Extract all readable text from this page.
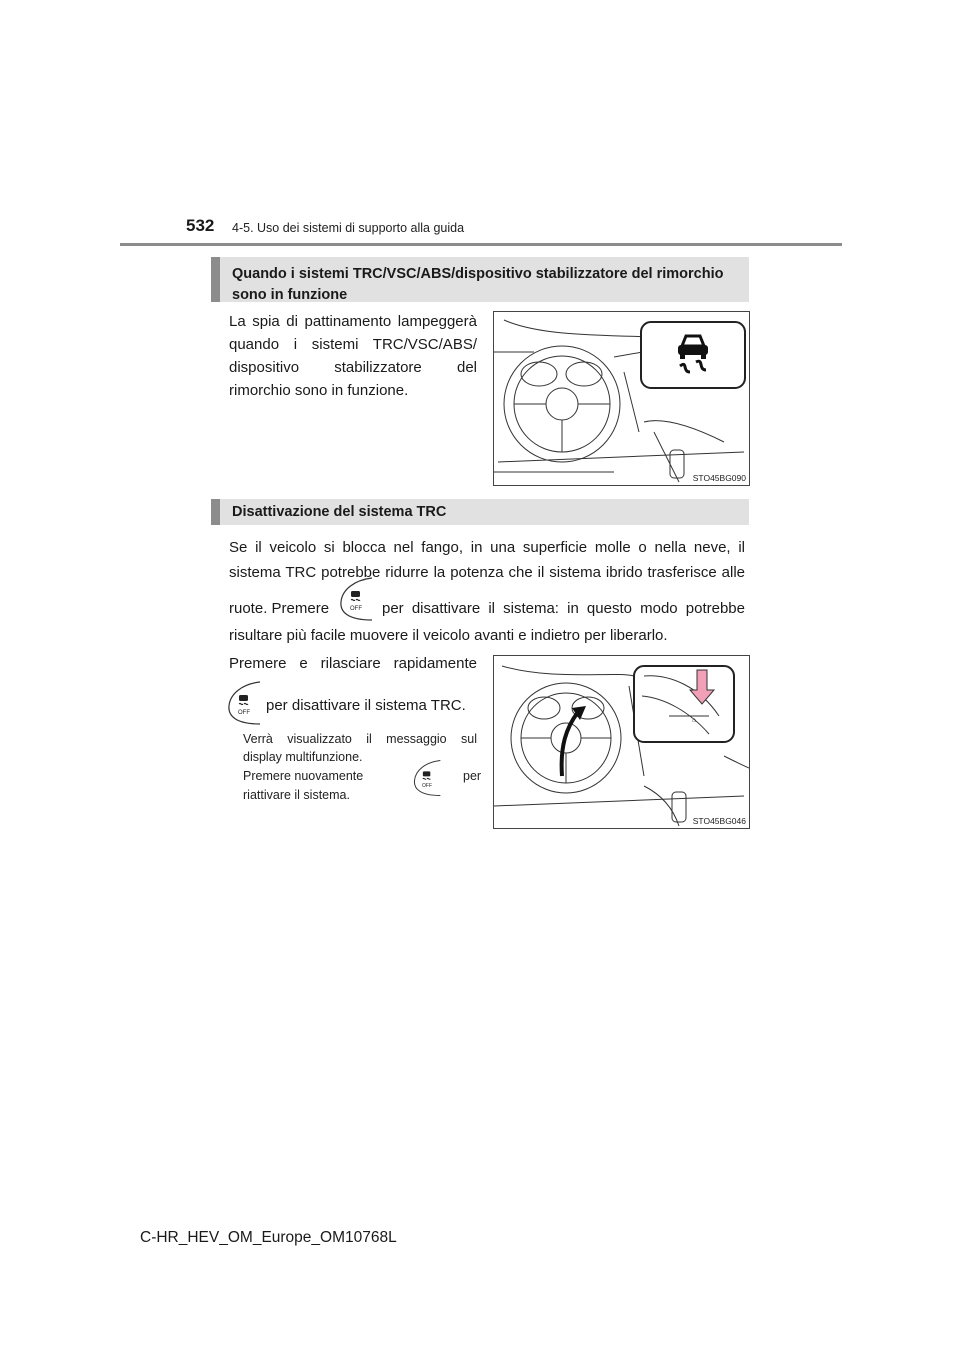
532 4-5. Uso dei sistemi di supporto alla guida
Quando i sistemi TRC/VSC/ABS/dispositivo stabilizzatore del rimorchio
sono in funzione
La spia di pattinamento lampeggerà quando i sistemi TRC/VSC/ABS/ dispositivo stabilizzatore del rimorchio sono in funzione.
STO45BG090
Disattivazione del sistema TRC
Se il veicolo si blocca nel fango, in una superficie molle o nella neve, il
sistema TRC potrebbe ridurre la potenza che il sistema ibrido trasferisce alle
ruote. Premere	OFF per disattivare il sistema: in questo modo potrebbe
risultare più facile muovere il veicolo avanti e indietro per liberarlo.
Premere e rilasciare rapidamente
OFF per disattivare il sistema TRC.
Verrà visualizzato il messaggio sul
display multifunzione.
Premere nuovamente
OFF
per
riattivare il sistema.
⌂
STO45BG046
C-HR_HEV_OM_Europe_OM10768L
